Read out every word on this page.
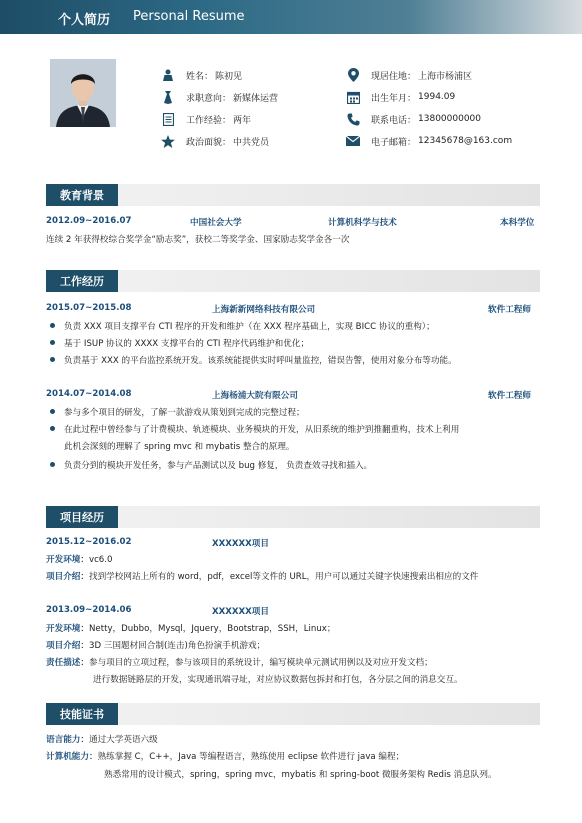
个人简历 Personal Resume
姓名： 陈初见
求职意向： 新媒体运营
工作经验： 两年
政治面貌： 中共党员
现居住地： 上海市杨浦区
出生年月： 1994.09
联系电话： 13800000000
电子邮箱： 12345678@163.com
教育背景
2012.09~2016.07	中国社会大学	计算机科学与技术	本科学位
连续 2 年获得校综合奖学金“励志奖”，获校二等奖学金、国家励志奖学金各一次
工作经历
2015.07~2015.08	上海新新网络科技有限公司	软件工程师
负责 XXX 项目支撑平台 CTI 程序的开发和维护（在 XXX 程序基础上，实现 BICC 协议的重构）；
基于 ISUP 协议的 XXXX 支撑平台的 CTI 程序代码维护和优化；
负责基于 XXX 的平台监控系统开发。该系统能提供实时呼叫量监控，错误告警，使用对象分布等功能。
2014.07~2014.08	上海杨浦大院有限公司	软件工程师
参与多个项目的研发，了解一款游戏从策划到完成的完整过程；
在此过程中曾经参与了计费模块、轨迹模块、业务模块的开发，从旧系统的维护到推翻重构，技术上利用
此机会深刻的理解了 spring mvc 和 mybatis 整合的原理。
负责分到的模块开发任务，参与产品测试以及 bug 修复， 负责查效寻找和插入。
项目经历
2015.12~2016.02	XXXXXX项目
开发环境：vc6.0
项目介绍：找到学校网站上所有的 word，pdf，excel等文件的 URL，用户可以通过关键字快速搜索出相应的文件
2013.09~2014.06	XXXXXX项目
开发环境：Netty，Dubbo，Mysql，Jquery，Bootstrap，SSH，Linux；
项目介绍：3D 三国题材回合制(连击)角色扮演手机游戏；
责任描述：参与项目的立项过程，参与该项目的系统设计，编写模块单元测试用例以及对应开发文档；
进行数据链路层的开发，实现通讯端寻址，对应协议数据包拆封和打包，各分层之间的消息交互。
技能证书
语言能力：通过大学英语六级
计算机能力：熟练掌握 C，C++，Java 等编程语言，熟练使用 eclipse 软件进行 java 编程；
熟悉常用的设计模式，spring，spring mvc，mybatis 和 spring-boot 微服务架构 Redis 消息队列。
